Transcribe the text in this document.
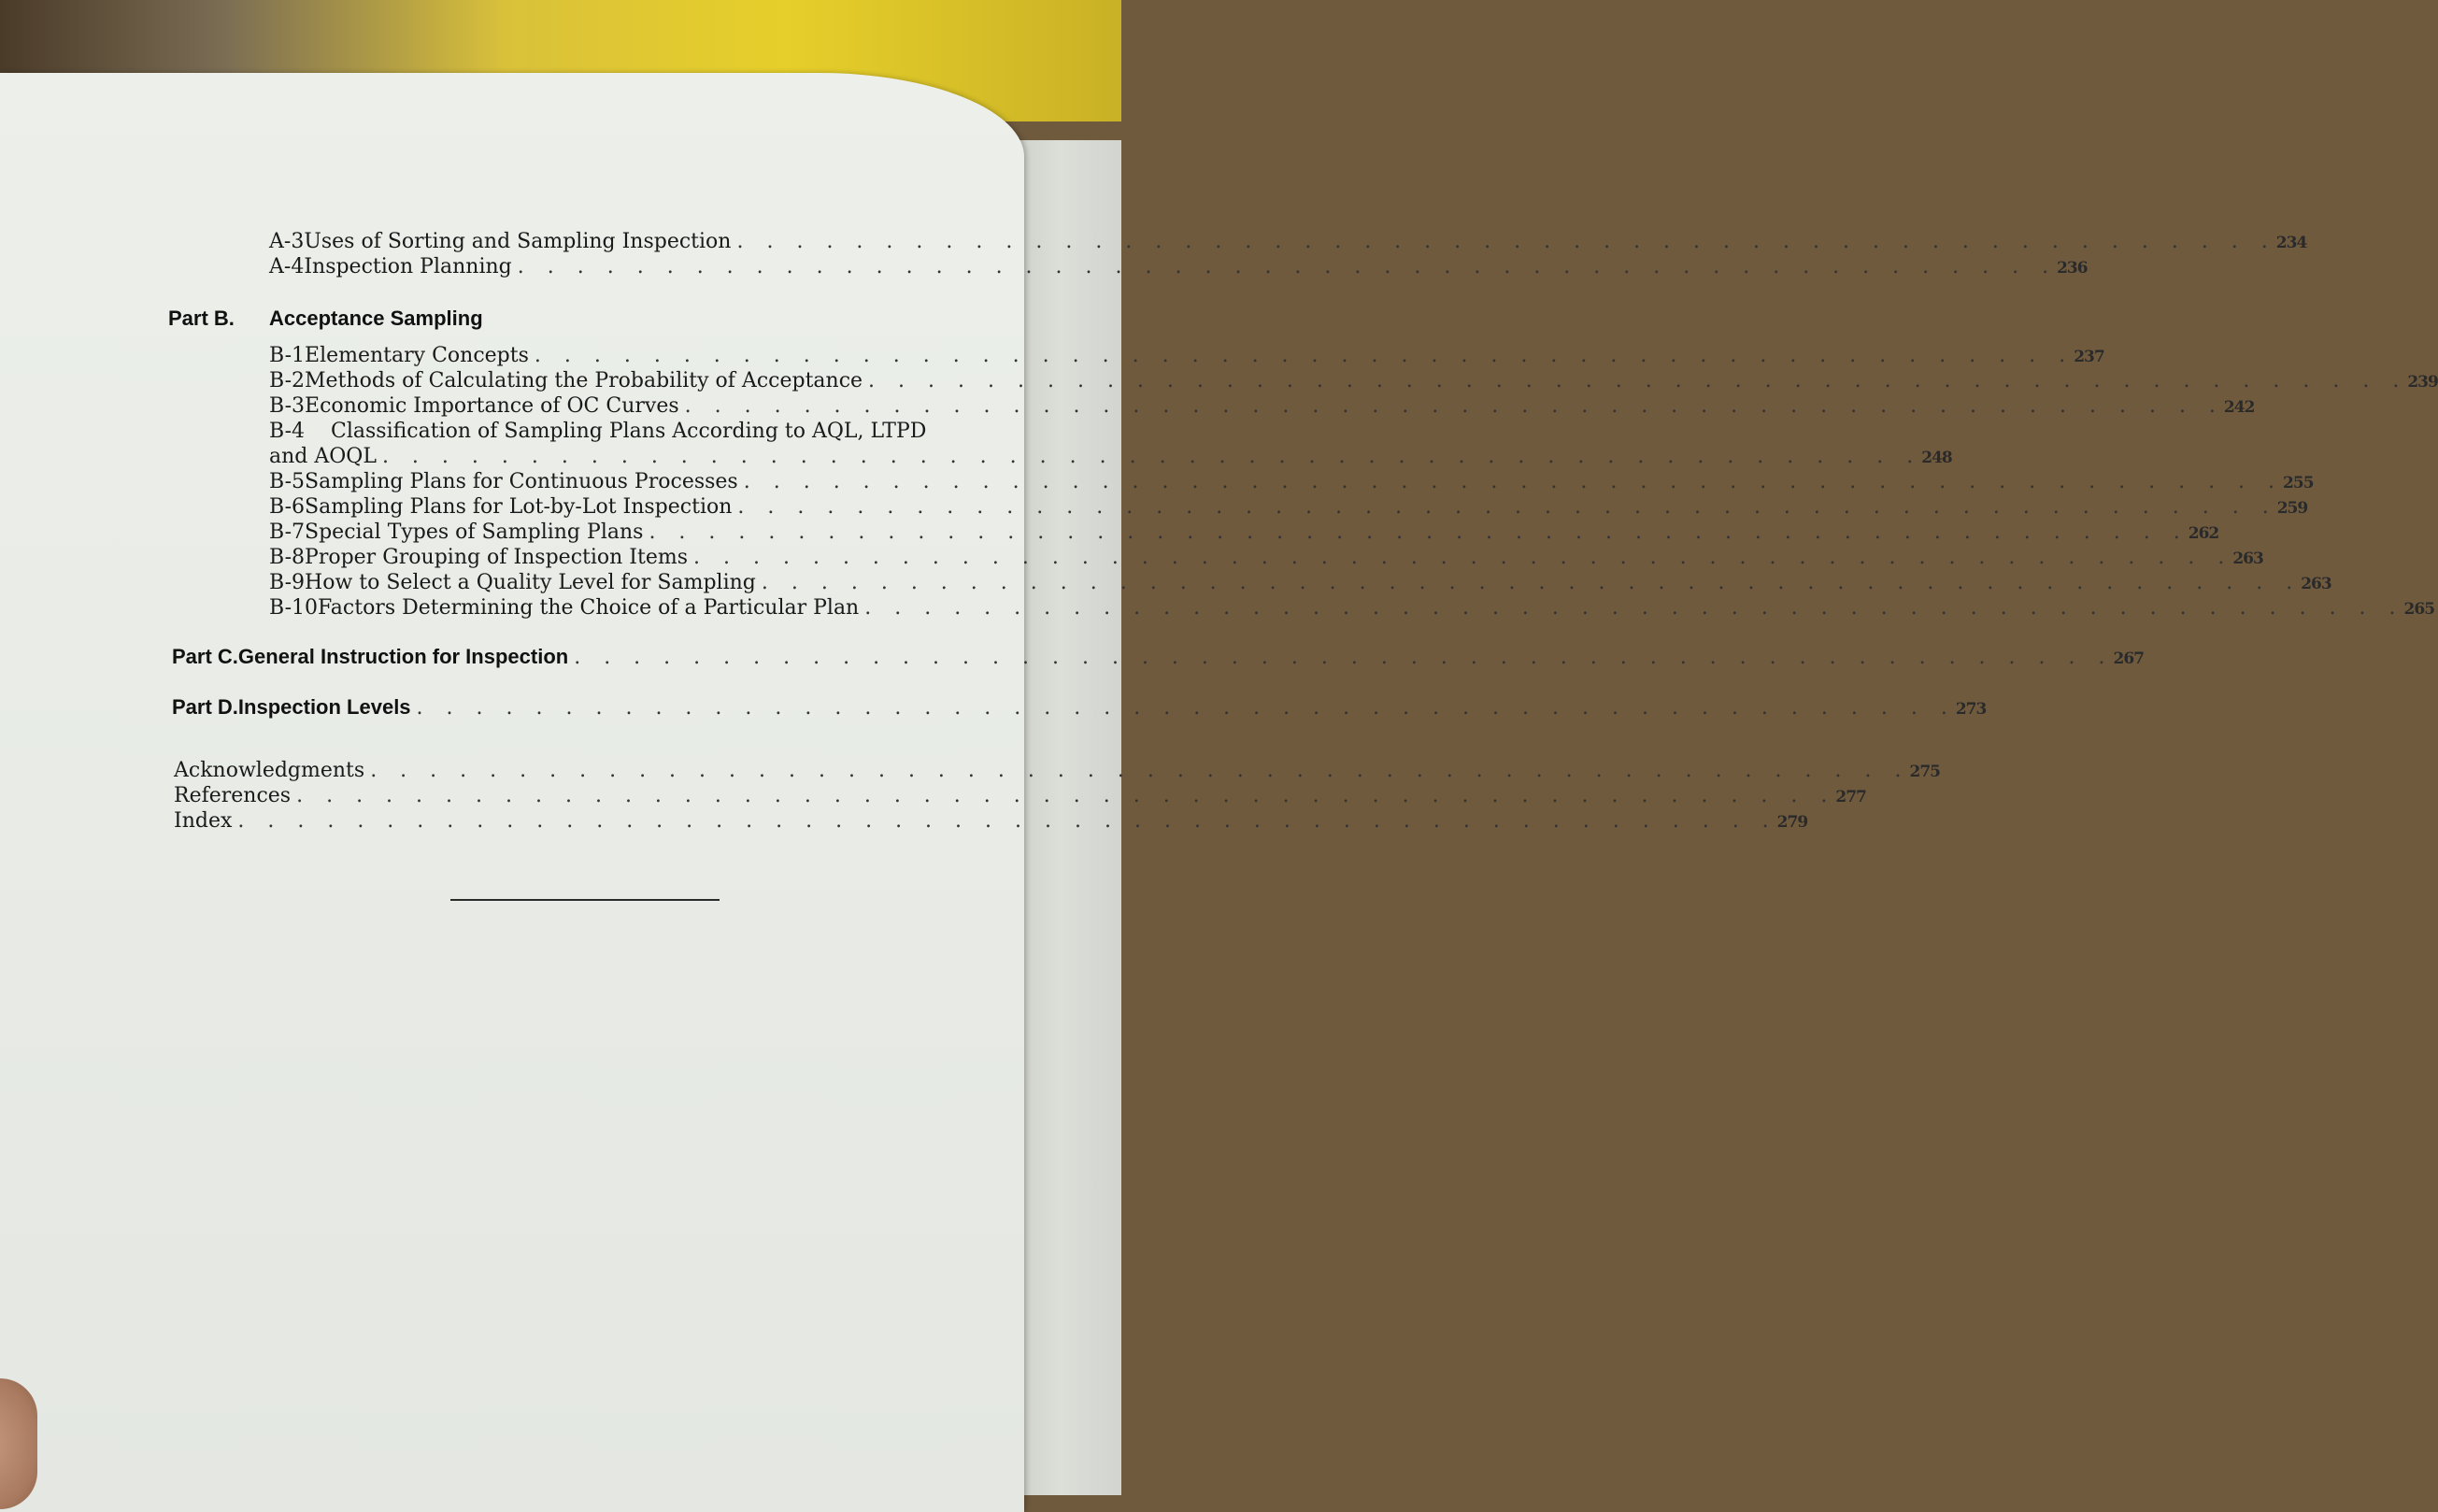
A-3 Uses of Sorting and Sampling Inspection . . . . . . . . . . . . . . . . . . . . . . . . . . . . . . . . . . . . . . . . . . . . . . . . . . . . 234
A-4 Inspection Planning . . . . . . . . . . . . . . . . . . . . . . . . . . . . . . . . . . . . . . . . . . . . . . . . . . . . 236
Part B.	Acceptance Sampling
B-1 Elementary Concepts . . . . . . . . . . . . . . . . . . . . . . . . . . . . . . . . . . . . . . . . . . . . . . . . . . . . 237
B-2 Methods of Calculating the Probability of Acceptance . . . . . . . . . . . . . . . . . . . . . . . . . . . . . . . . . . . . . . . . . . . . . . . . . . . . 239
B-3 Economic Importance of OC Curves . . . . . . . . . . . . . . . . . . . . . . . . . . . . . . . . . . . . . . . . . . . . . . . . . . . . 242
B-4	Classification of Sampling Plans According to AQL, LTPD
and AOQL . . . . . . . . . . . . . . . . . . . . . . . . . . . . . . . . . . . . . . . . . . . . . . . . . . . . 248
B-5 Sampling Plans for Continuous Processes . . . . . . . . . . . . . . . . . . . . . . . . . . . . . . . . . . . . . . . . . . . . . . . . . . . . 255
B-6 Sampling Plans for Lot-by-Lot Inspection . . . . . . . . . . . . . . . . . . . . . . . . . . . . . . . . . . . . . . . . . . . . . . . . . . . . 259
B-7 Special Types of Sampling Plans . . . . . . . . . . . . . . . . . . . . . . . . . . . . . . . . . . . . . . . . . . . . . . . . . . . . 262
B-8 Proper Grouping of Inspection Items . . . . . . . . . . . . . . . . . . . . . . . . . . . . . . . . . . . . . . . . . . . . . . . . . . . . 263
B-9 How to Select a Quality Level for Sampling . . . . . . . . . . . . . . . . . . . . . . . . . . . . . . . . . . . . . . . . . . . . . . . . . . . . 263
B-10 Factors Determining the Choice of a Particular Plan . . . . . . . . . . . . . . . . . . . . . . . . . . . . . . . . . . . . . . . . . . . . . . . . . . . . 265
Part C. General Instruction for Inspection . . . . . . . . . . . . . . . . . . . . . . . . . . . . . . . . . . . . . . . . . . . . . . . . . . . . 267
Part D. Inspection Levels . . . . . . . . . . . . . . . . . . . . . . . . . . . . . . . . . . . . . . . . . . . . . . . . . . . . 273
Acknowledgments . . . . . . . . . . . . . . . . . . . . . . . . . . . . . . . . . . . . . . . . . . . . . . . . . . . . 275
References . . . . . . . . . . . . . . . . . . . . . . . . . . . . . . . . . . . . . . . . . . . . . . . . . . . . 277
Index . . . . . . . . . . . . . . . . . . . . . . . . . . . . . . . . . . . . . . . . . . . . . . . . . . . . 279
